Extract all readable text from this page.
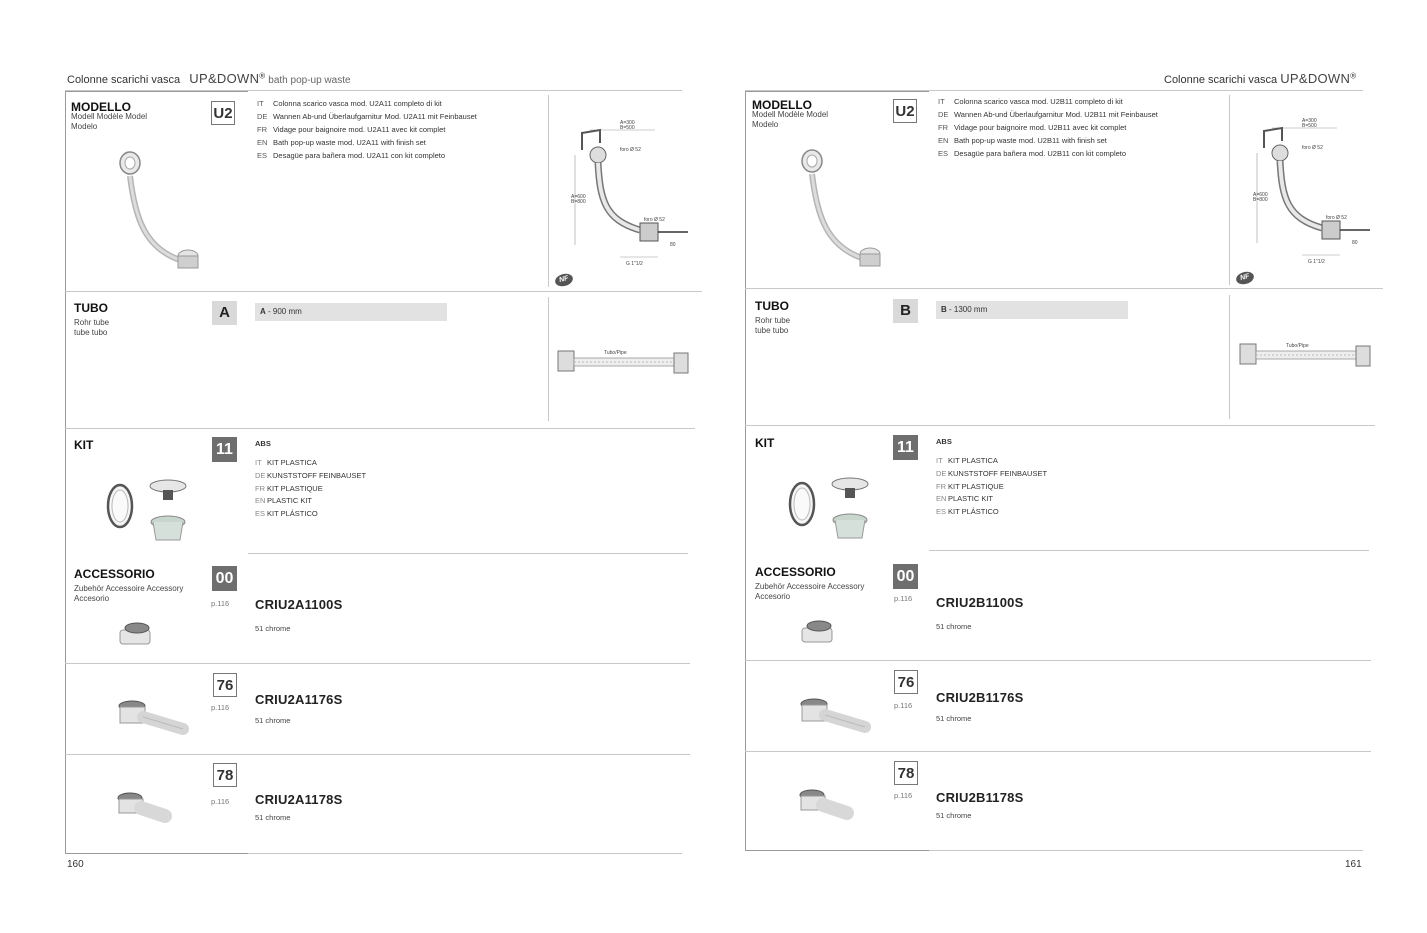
Colonne scarichi vasca UP&DOWN® bath pop-up waste
MODELLO
Modell Modèle Model Modelo
U2
IT Colonna scarico vasca mod. U2A11 completo di kit
DE Wannen Ab-und Überlaufgarnitur Mod. U2A11 mit Feinbauset
FR Vidage pour baignoire mod. U2A11 avec kit complet
EN Bath pop-up waste mod. U2A11 with finish set
ES Desagüe para bañera mod. U2A11 con kit completo
A=300
B=500
foro Ø 52
A=600
B=800
foro Ø 52
80
G 1"1/2
NF
TUBO
Rohr tube tube tubo
A	A - 900 mm
Tubo/Pipe
KIT	11	ABS
IT KIT PLASTICA
DE KUNSTSTOFF FEINBAUSET
FR KIT PLASTIQUE
EN PLASTIC KIT
ES KIT PLÁSTICO
ACCESSORIO
Zubehör Accessoire Accessory Accesorio
00
p.116 CRIU2A1100S
51 chrome
76
p.116
CRIU2A1176S
51 chrome
78
p.116 CRIU2A1178S
51 chrome
160
Colonne scarichi vasca UP&DOWN®
MODELLO
Modell Modèle Model Modelo
U2
IT Colonna scarico vasca mod. U2B11 completo di kit
DE Wannen Ab-und Überlaufgarnitur Mod. U2B11 mit Feinbauset
FR Vidage pour baignoire mod. U2B11 avec kit complet
EN Bath pop-up waste mod. U2B11 with finish set
ES Desagüe para bañera mod. U2B11 con kit completo
A=300
B=500
foro Ø 52
A=600
B=800
foro Ø 52
80
G 1"1/2
NF
TUBO
Rohr tube tube tubo
B	B - 1300 mm
Tubo/Pipe
KIT	11	ABS
IT KIT PLASTICA
DE KUNSTSTOFF FEINBAUSET
FR KIT PLASTIQUE
EN PLASTIC KIT
ES KIT PLÁSTICO
ACCESSORIO
Zubehör Accessoire Accessory Accesorio
00
p.116 CRIU2B1100S
51 chrome
76
p.116
CRIU2B1176S
51 chrome
78
p.116 CRIU2B1178S
51 chrome
161
